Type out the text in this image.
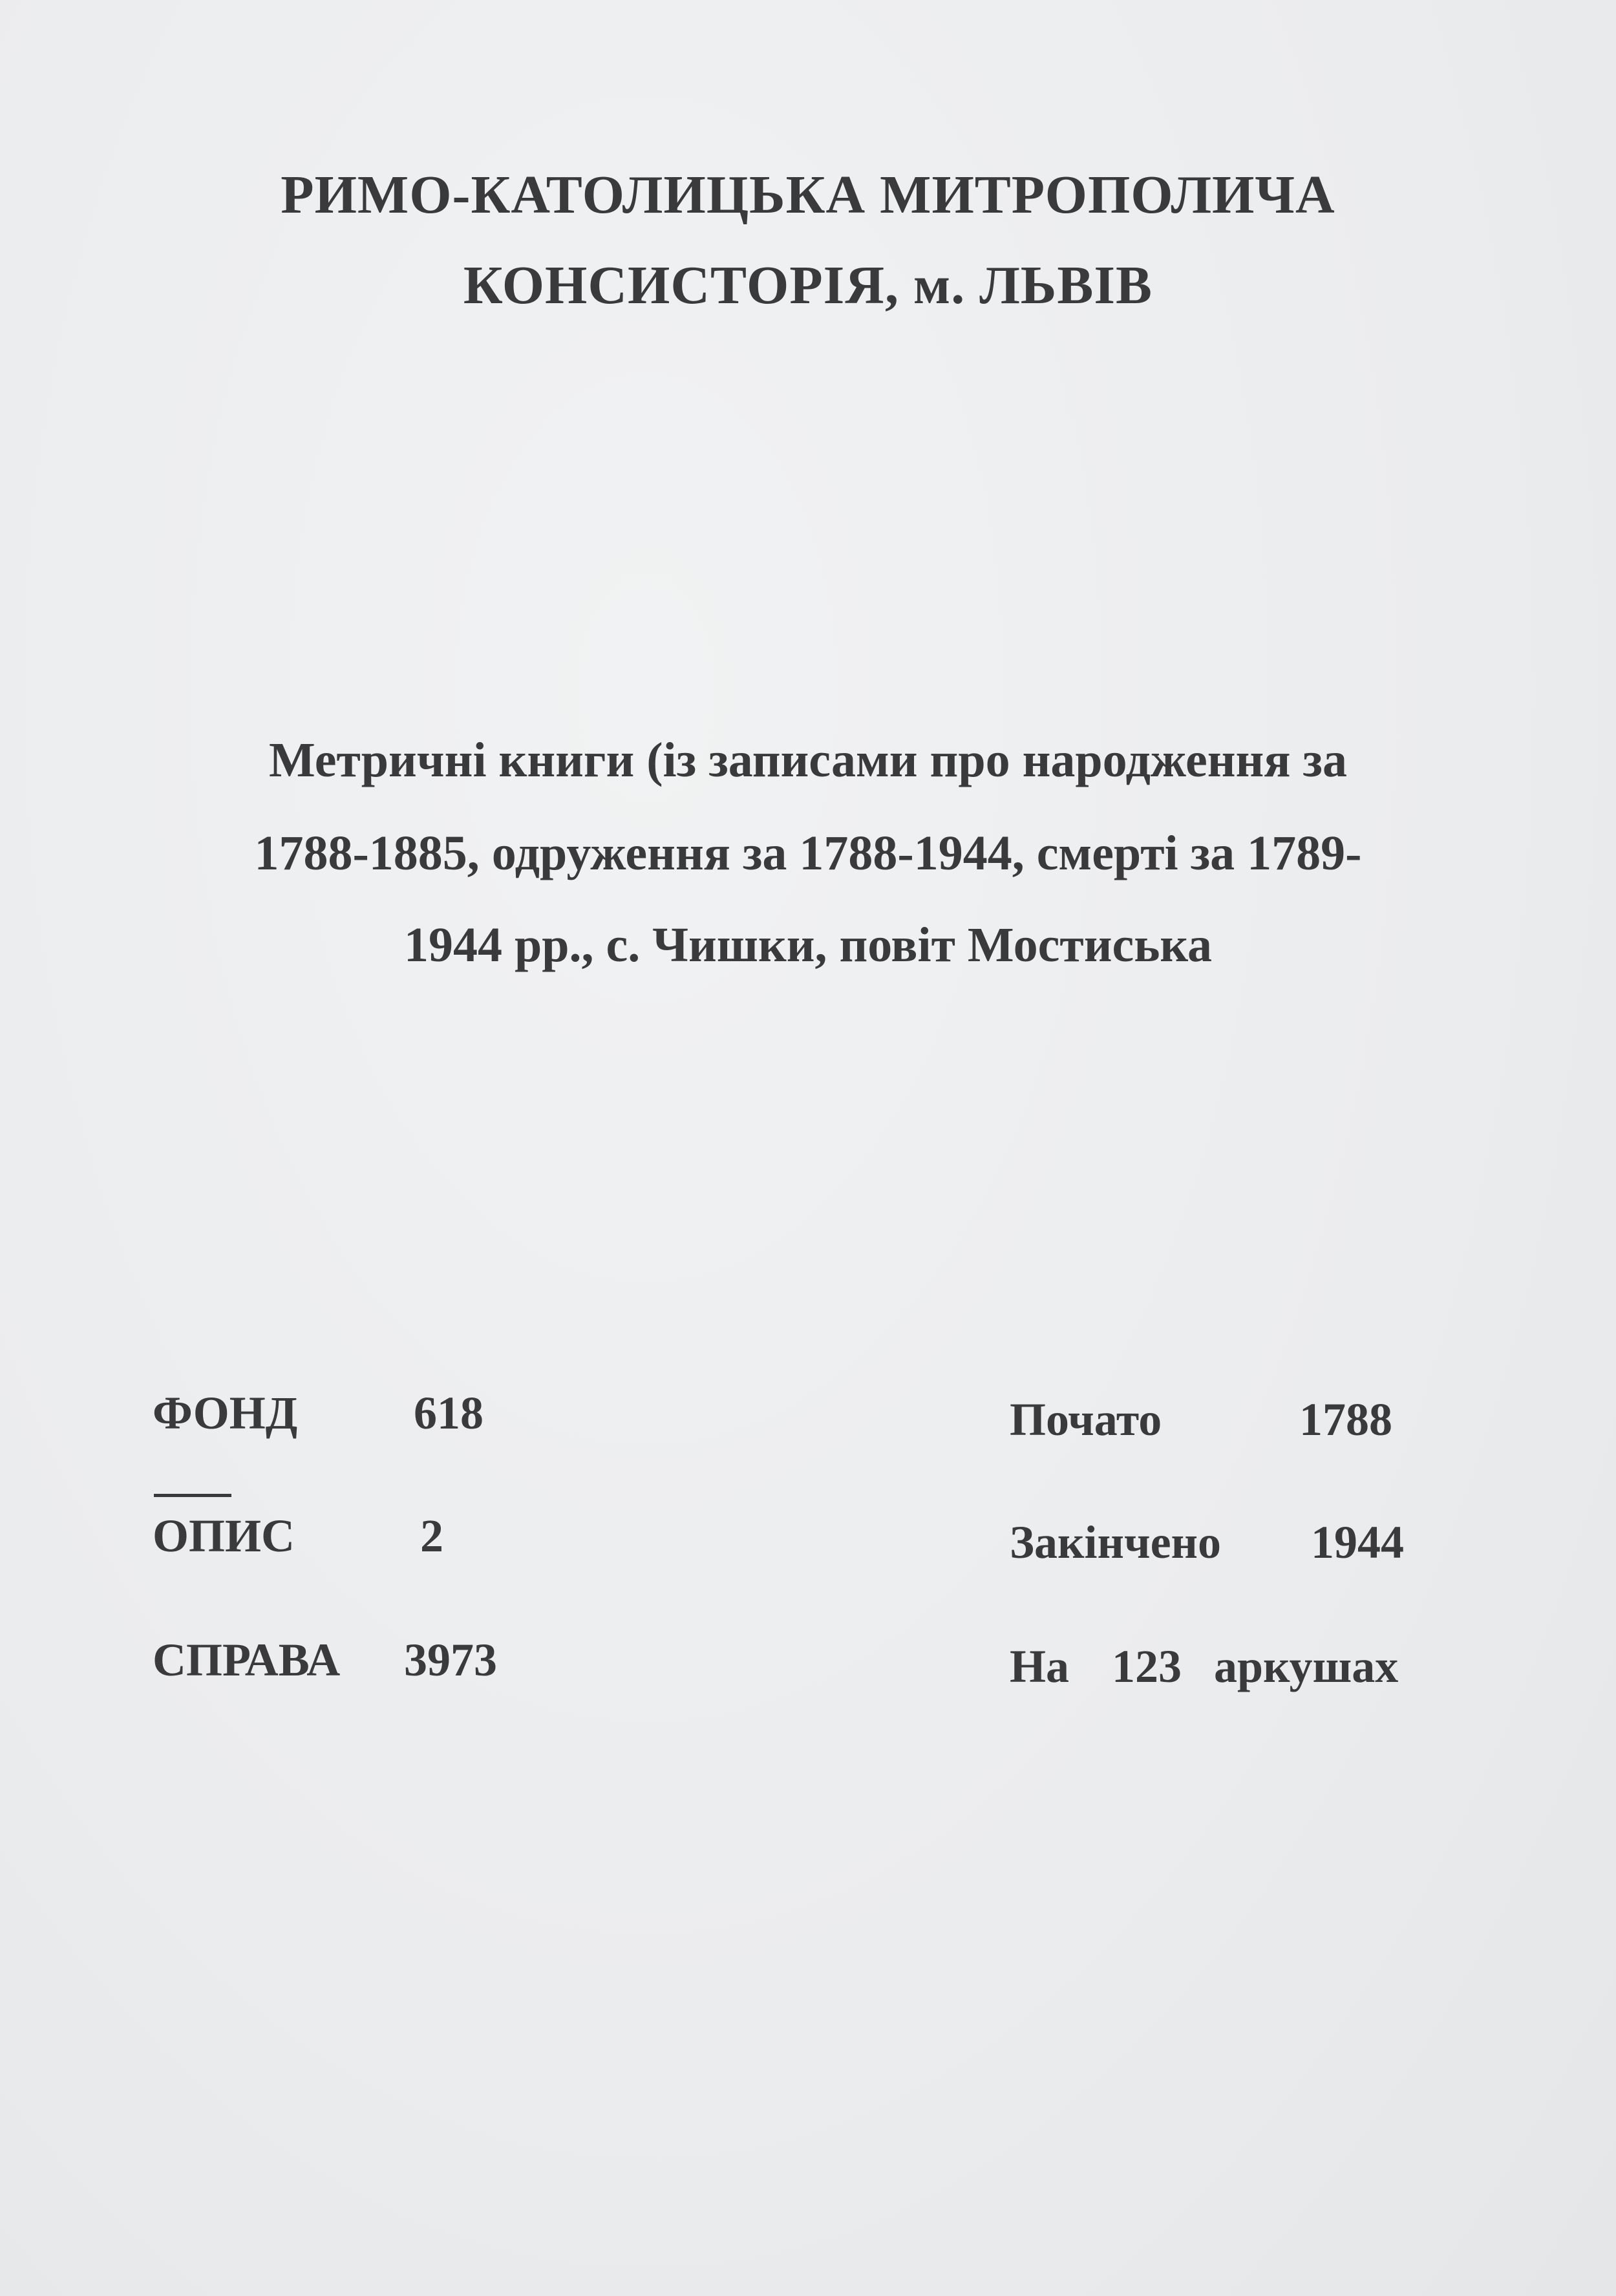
РИМО-КАТОЛИЦЬКА МИТРОПОЛИЧА
КОНСИСТОРІЯ, м. ЛЬВІВ
Метричні книги (із записами про народження за
1788-1885, одруження за 1788-1944, смерті за 1789-
1944 рр., с. Чишки, повіт Мостиська
ФОНД 618
ОПИС	2
СПРАВА 3973
Почато	1788
Закінчено 1944
На 123 аркушах
